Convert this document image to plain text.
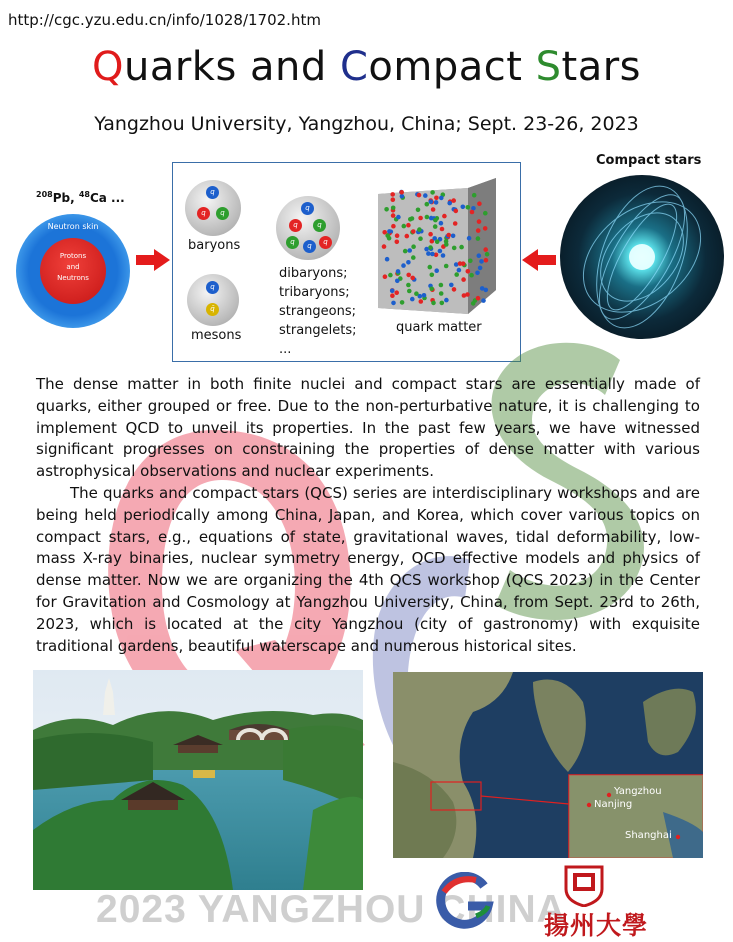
http://cgc.yzu.edu.cn/info/1028/1702.htm
Quarks and Compact Stars
Yangzhou University, Yangzhou, China; Sept. 23-26, 2023
$^{208}$Pb, $^{48}$Ca ...
Neutron skin
Protons
and
Neutrons
q
q	q
baryons
q
q̄
mesons
q
q	q
q	q	q
dibaryons;
tribaryons;
strangeons;
strangelets;
...
quark matter
Compact stars

The dense matter in both finite nuclei and compact stars are essentially made of quarks, either grouped or free. Due to the non-perturbative nature, it is challenging to implement QCD to unveil its properties. In the past few years, we have witnessed significant progresses on constraining the properties of dense matter with various astrophysical observations and nuclear experiments.

The quarks and compact stars (QCS) series are interdisciplinary workshops and are being held periodically among China, Japan, and Korea, which cover various topics on compact stars, e.g., equations of state, gravitational waves, tidal deformability, low-mass X-ray binaries, nuclear symmetry energy, QCD effective models and physics of dense matter. Now we are organizing the 4th QCS workshop (QCS 2023) in the Center for Gravitation and Cosmology at Yangzhou University, China, from Sept. 23rd to 26th, 2023, which is located at the city Yangzhou (city of gastronomy) with exquisite traditional gardens, beautiful waterscape and numerous historical sites.

Yangzhou
Nanjing
Shanghai
2023 YANGZHOU CHINA
揚州大學
